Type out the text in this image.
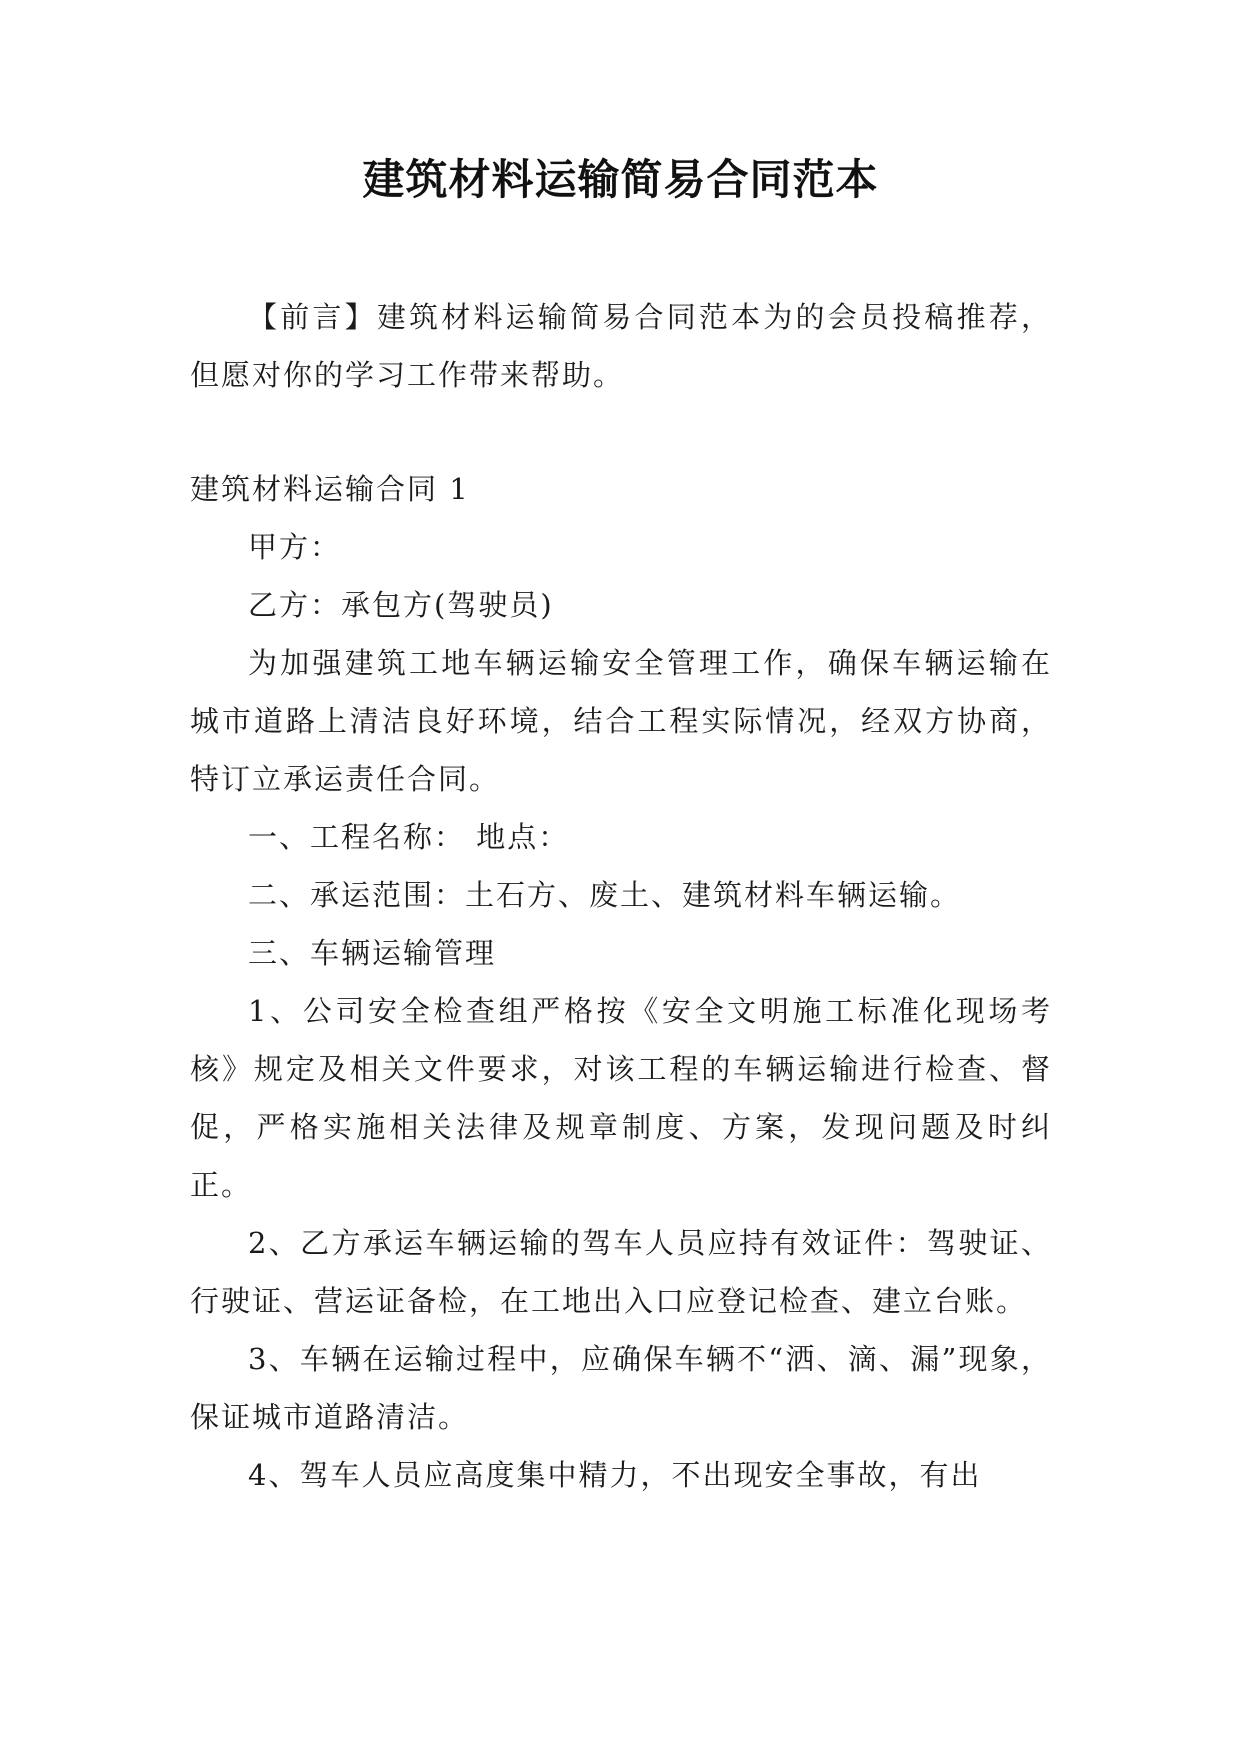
建筑材料运输简易合同范本

【前言】建筑材料运输简易合同范本为的会员投稿推荐，但愿对你的学习工作带来帮助。

建筑材料运输合同 1

甲方：

乙方：承包方(驾驶员)

为加强建筑工地车辆运输安全管理工作，确保车辆运输在城市道路上清洁良好环境，结合工程实际情况，经双方协商，特订立承运责任合同。

一、工程名称： 地点：

二、承运范围：土石方、废土、建筑材料车辆运输。

三、车辆运输管理

1、公司安全检查组严格按《安全文明施工标准化现场考核》规定及相关文件要求，对该工程的车辆运输进行检查、督促，严格实施相关法律及规章制度、方案，发现问题及时纠正。

2、乙方承运车辆运输的驾车人员应持有效证件：驾驶证、行驶证、营运证备检，在工地出入口应登记检查、建立台账。

3、车辆在运输过程中，应确保车辆不“洒、滴、漏”现象，保证城市道路清洁。

4、驾车人员应高度集中精力，不出现安全事故，有出
